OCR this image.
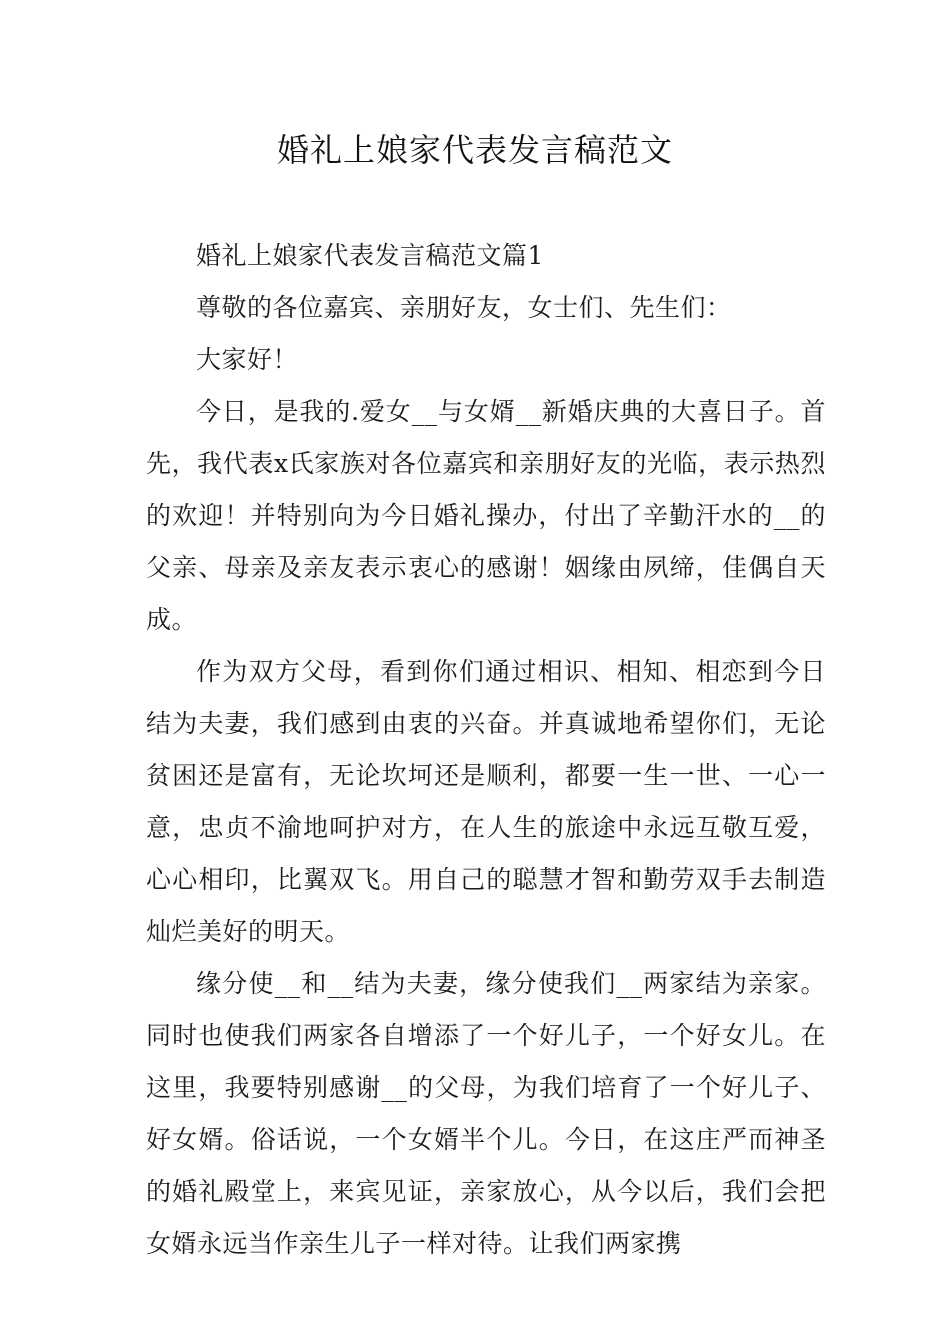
婚礼上娘家代表发言稿范文

婚礼上娘家代表发言稿范文篇1

尊敬的各位嘉宾、亲朋好友，女士们、先生们：

大家好！

今日，是我的.爱女__与女婿__新婚庆典的大喜日子。首先，我代表x氏家族对各位嘉宾和亲朋好友的光临，表示热烈的欢迎！并特别向为今日婚礼操办，付出了辛勤汗水的__的父亲、母亲及亲友表示衷心的感谢！姻缘由夙缔，佳偶自天成。

作为双方父母，看到你们通过相识、相知、相恋到今日结为夫妻，我们感到由衷的兴奋。并真诚地希望你们，无论贫困还是富有，无论坎坷还是顺利，都要一生一世、一心一意，忠贞不渝地呵护对方，在人生的旅途中永远互敬互爱，心心相印，比翼双飞。用自己的聪慧才智和勤劳双手去制造灿烂美好的明天。

缘分使__和__结为夫妻，缘分使我们__两家结为亲家。同时也使我们两家各自增添了一个好儿子，一个好女儿。在这里，我要特别感谢__的父母，为我们培育了一个好儿子、好女婿。俗话说，一个女婿半个儿。今日，在这庄严而神圣的婚礼殿堂上，来宾见证，亲家放心，从今以后，我们会把女婿永远当作亲生儿子一样对待。让我们两家携
